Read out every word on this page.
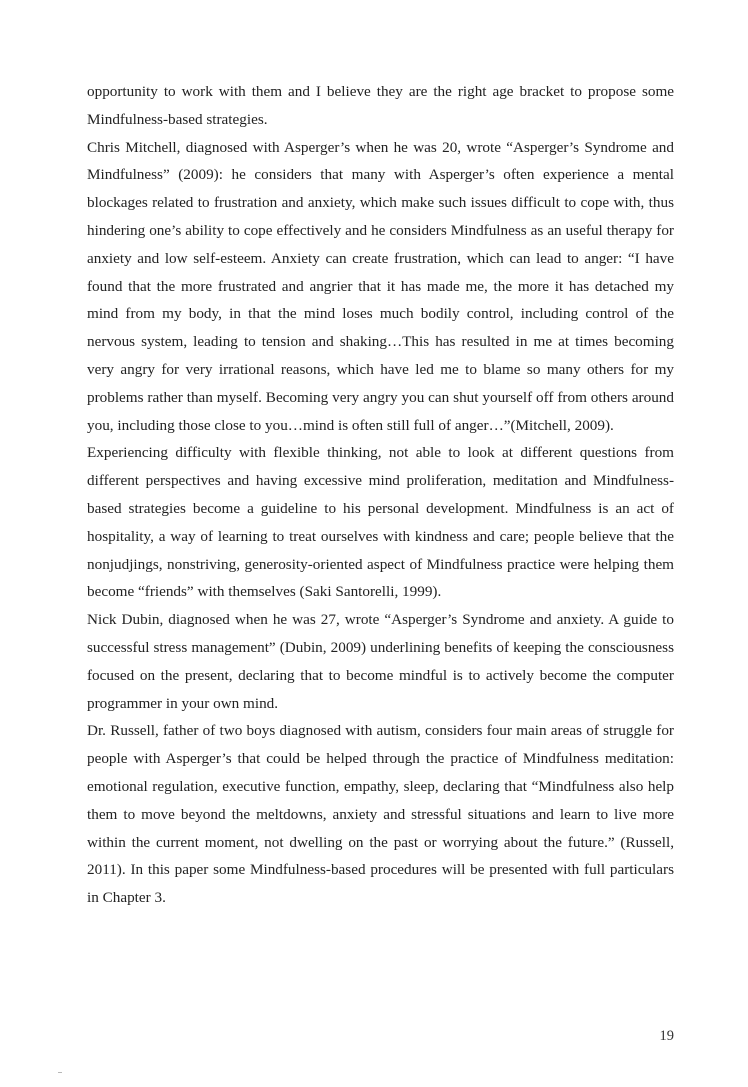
opportunity to work with them and I believe they are the right age bracket to propose some Mindfulness-based strategies.

Chris Mitchell, diagnosed with Asperger’s when he was 20, wrote “Asperger’s Syndrome and Mindfulness” (2009): he considers that many with Asperger’s often experience a mental blockages related to frustration and anxiety, which make such issues difficult to cope with, thus hindering one’s ability to cope effectively and he considers Mindfulness as an useful therapy for anxiety and low self-esteem. Anxiety can create frustration, which can lead to anger: “I have found that the more frustrated and angrier that it has made me, the more it has detached my mind from my body, in that the mind loses much bodily control, including control of the nervous system, leading to tension and shaking…This has resulted in me at times becoming very angry for very irrational reasons, which have led me to blame so many others for my problems rather than myself. Becoming very angry you can shut yourself off from others around you, including those close to you…mind is often still full of anger…”(Mitchell, 2009).

Experiencing difficulty with flexible thinking, not able to look at different questions from different perspectives and having excessive mind proliferation, meditation and Mindfulness-based strategies become a guideline to his personal development. Mindfulness is an act of hospitality, a way of learning to treat ourselves with kindness and care; people believe that the nonjudjings, nonstriving, generosity-oriented aspect of Mindfulness practice were helping them become “friends” with themselves (Saki Santorelli, 1999).

Nick Dubin, diagnosed when he was 27, wrote “Asperger’s Syndrome and anxiety. A guide to successful stress management” (Dubin, 2009) underlining benefits of keeping the consciousness focused on the present, declaring that to become mindful is to actively become the computer programmer in your own mind.

Dr. Russell, father of two boys diagnosed with autism, considers four main areas of struggle for people with Asperger’s that could be helped through the practice of Mindfulness meditation: emotional regulation, executive function, empathy, sleep, declaring that “Mindfulness also help them to move beyond the meltdowns, anxiety and stressful situations and learn to live more within the current moment, not dwelling on the past or worrying about the future.” (Russell, 2011). In this paper some Mindfulness-based procedures will be presented with full particulars in Chapter 3.

19
